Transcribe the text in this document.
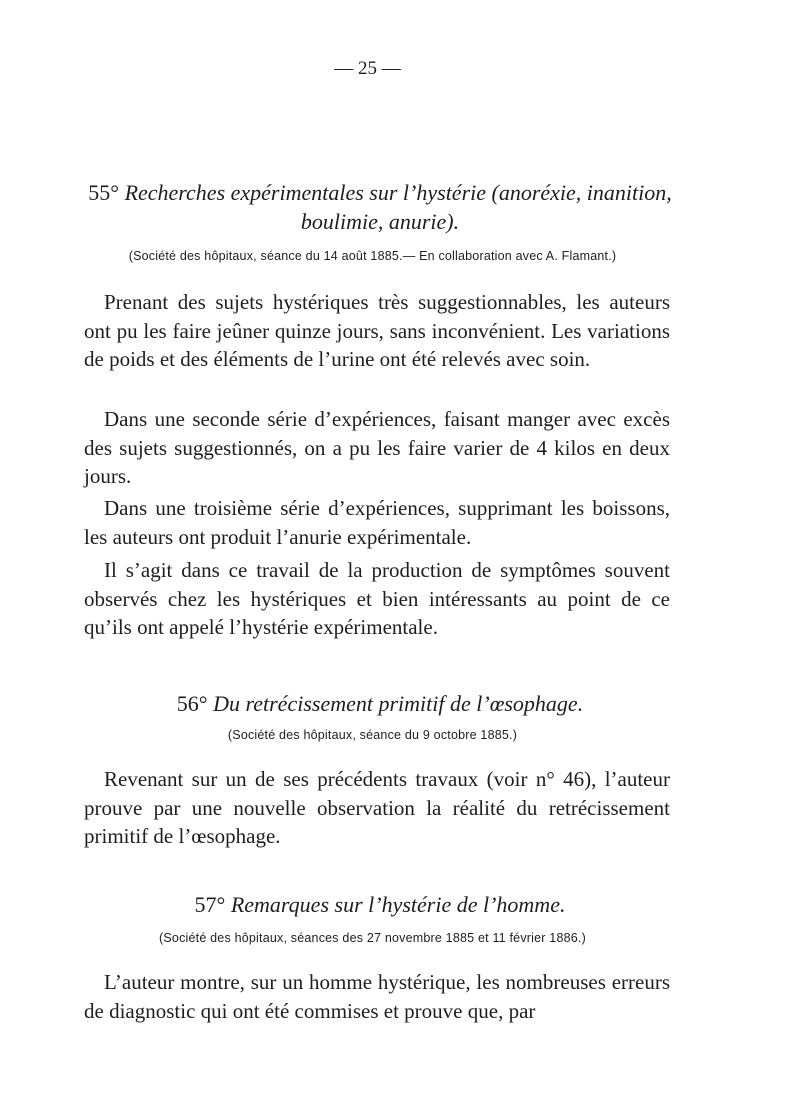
— 25 —
55° Recherches expérimentales sur l’hystérie (anoréxie, inanition,
boulimie, anurie).
(Société des hôpitaux, séance du 14 août 1885.— En collaboration avec A. Flamant.)

Prenant des sujets hystériques très suggestionnables, les auteurs ont pu les faire jeûner quinze jours, sans inconvénient. Les variations de poids et des éléments de l’urine ont été relevés avec soin.

Dans une seconde série d’expériences, faisant manger avec excès des sujets suggestionnés, on a pu les faire varier de 4 kilos en deux jours.

Dans une troisième série d’expériences, supprimant les boissons, les auteurs ont produit l’anurie expérimentale.

Il s’agit dans ce travail de la production de symptômes souvent observés chez les hystériques et bien intéressants au point de ce qu’ils ont appelé l’hystérie expérimentale.

56° Du retrécissement primitif de l’œsophage.
(Société des hôpitaux, séance du 9 octobre 1885.)

Revenant sur un de ses précédents travaux (voir n° 46), l’auteur prouve par une nouvelle observation la réalité du retrécissement primitif de l’œsophage.

57° Remarques sur l’hystérie de l’homme.
(Société des hôpitaux, séances des 27 novembre 1885 et 11 février 1886.)

L’auteur montre, sur un homme hystérique, les nombreuses erreurs de diagnostic qui ont été commises et prouve que, par
